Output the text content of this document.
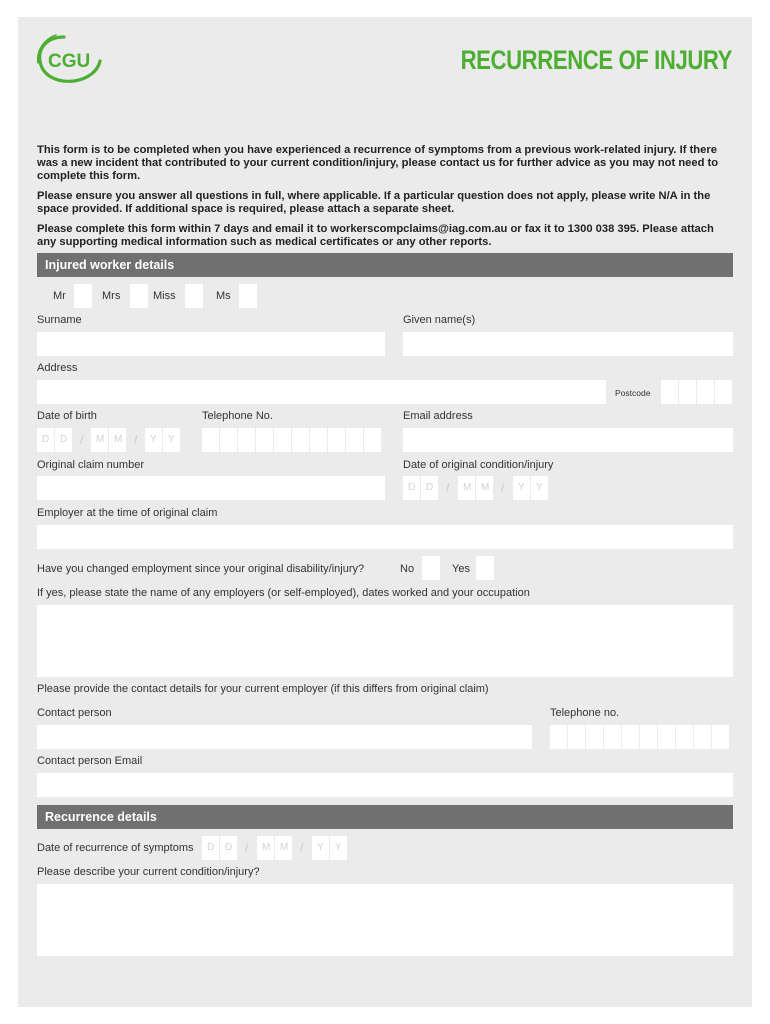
CGU	RECURRENCE OF INJURY
This form is to be completed when you have experienced a recurrence of symptoms from a previous work-related injury. If there was a new incident that contributed to your current condition/injury, please contact us for further advice as you may not need to complete this form.
Please ensure you answer all questions in full, where applicable. If a particular question does not apply, please write N/A in the space provided. If additional space is required, please attach a separate sheet.
Please complete this form within 7 days and email it to workerscompclaims@iag.com.au or fax it to 1300 038 395. Please attach any supporting medical information such as medical certificates or any other reports.
Injured worker details
Mr	Mrs	Miss	Ms
Surname	Given name(s)
Address
Postcode
Date of birth
D D / M M / Y Y
Telephone No.	Email address
Original claim number	Date of original condition/injury
D D / M M / Y Y
Employer at the time of original claim
Have you changed employment since your original disability/injury?	No	Yes
If yes, please state the name of any employers (or self-employed), dates worked and your occupation
Please provide the contact details for your current employer (if this differs from original claim)
Contact person	Telephone no.
Contact person Email
Recurrence details
Date of recurrence of symptoms D D / M M / Y Y
Please describe your current condition/injury?
